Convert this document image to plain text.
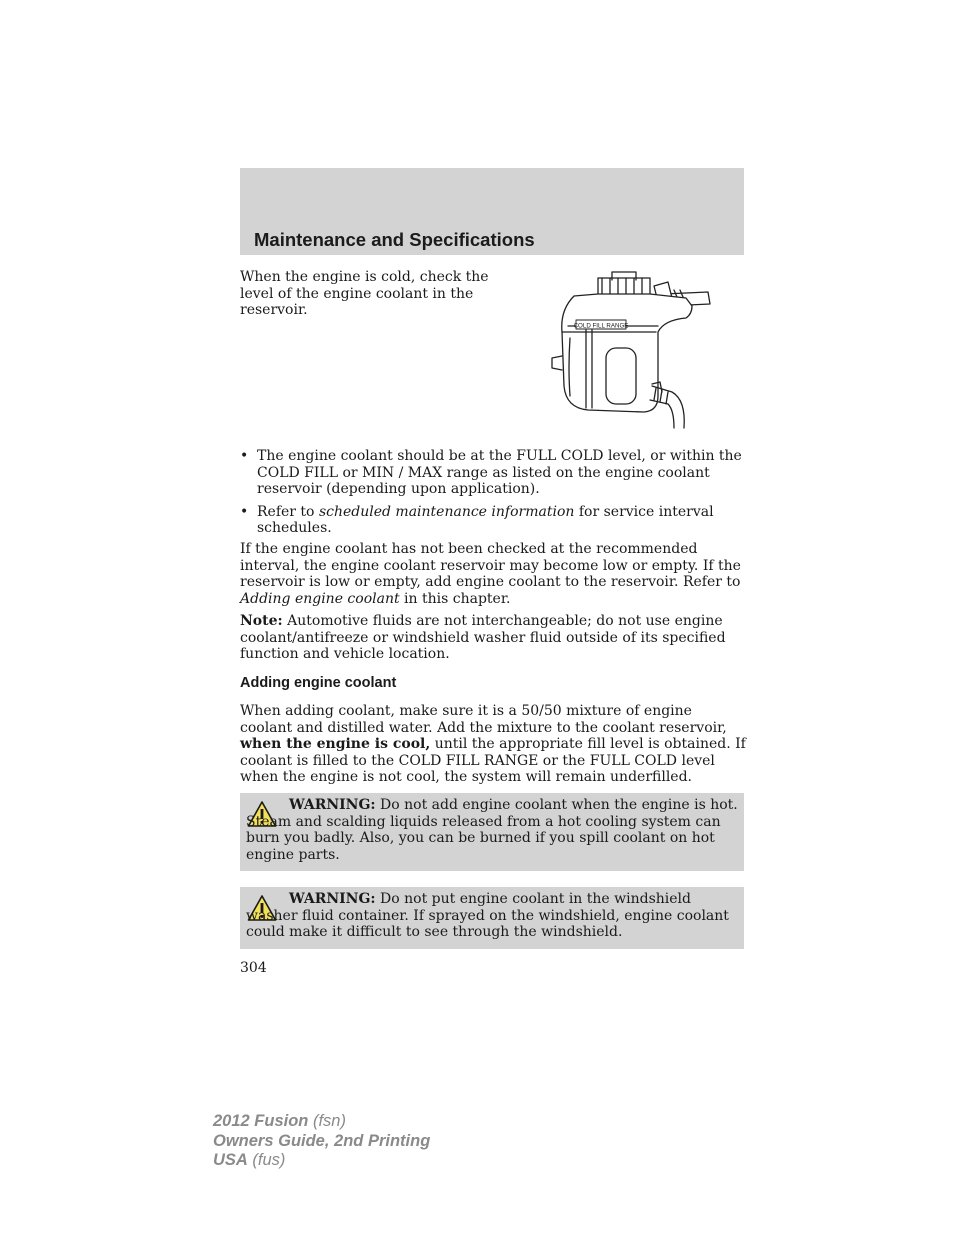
Maintenance and Specifications

When the engine is cold, check the level of the engine coolant in the reservoir.

COLD FILL RANGE
• The engine coolant should be at the FULL COLD level, or within the COLD FILL or MIN / MAX range as listed on the engine coolant reservoir (depending upon application).
• Refer to scheduled maintenance information for service interval schedules.

If the engine coolant has not been checked at the recommended interval, the engine coolant reservoir may become low or empty. If the reservoir is low or empty, add engine coolant to the reservoir. Refer to Adding engine coolant in this chapter.

Note: Automotive fluids are not interchangeable; do not use engine coolant/antifreeze or windshield washer fluid outside of its specified function and vehicle location.

Adding engine coolant

When adding coolant, make sure it is a 50/50 mixture of engine coolant and distilled water. Add the mixture to the coolant reservoir, when the engine is cool, until the appropriate fill level is obtained. If coolant is filled to the COLD FILL RANGE or the FULL COLD level when the engine is not cool, the system will remain underfilled.

WARNING: Do not add engine coolant when the engine is hot. Steam and scalding liquids released from a hot cooling system can burn you badly. Also, you can be burned if you spill coolant on hot engine parts.

WARNING: Do not put engine coolant in the windshield washer fluid container. If sprayed on the windshield, engine coolant could make it difficult to see through the windshield.

304

2012 Fusion (fsn)
Owners Guide, 2nd Printing
USA (fus)
